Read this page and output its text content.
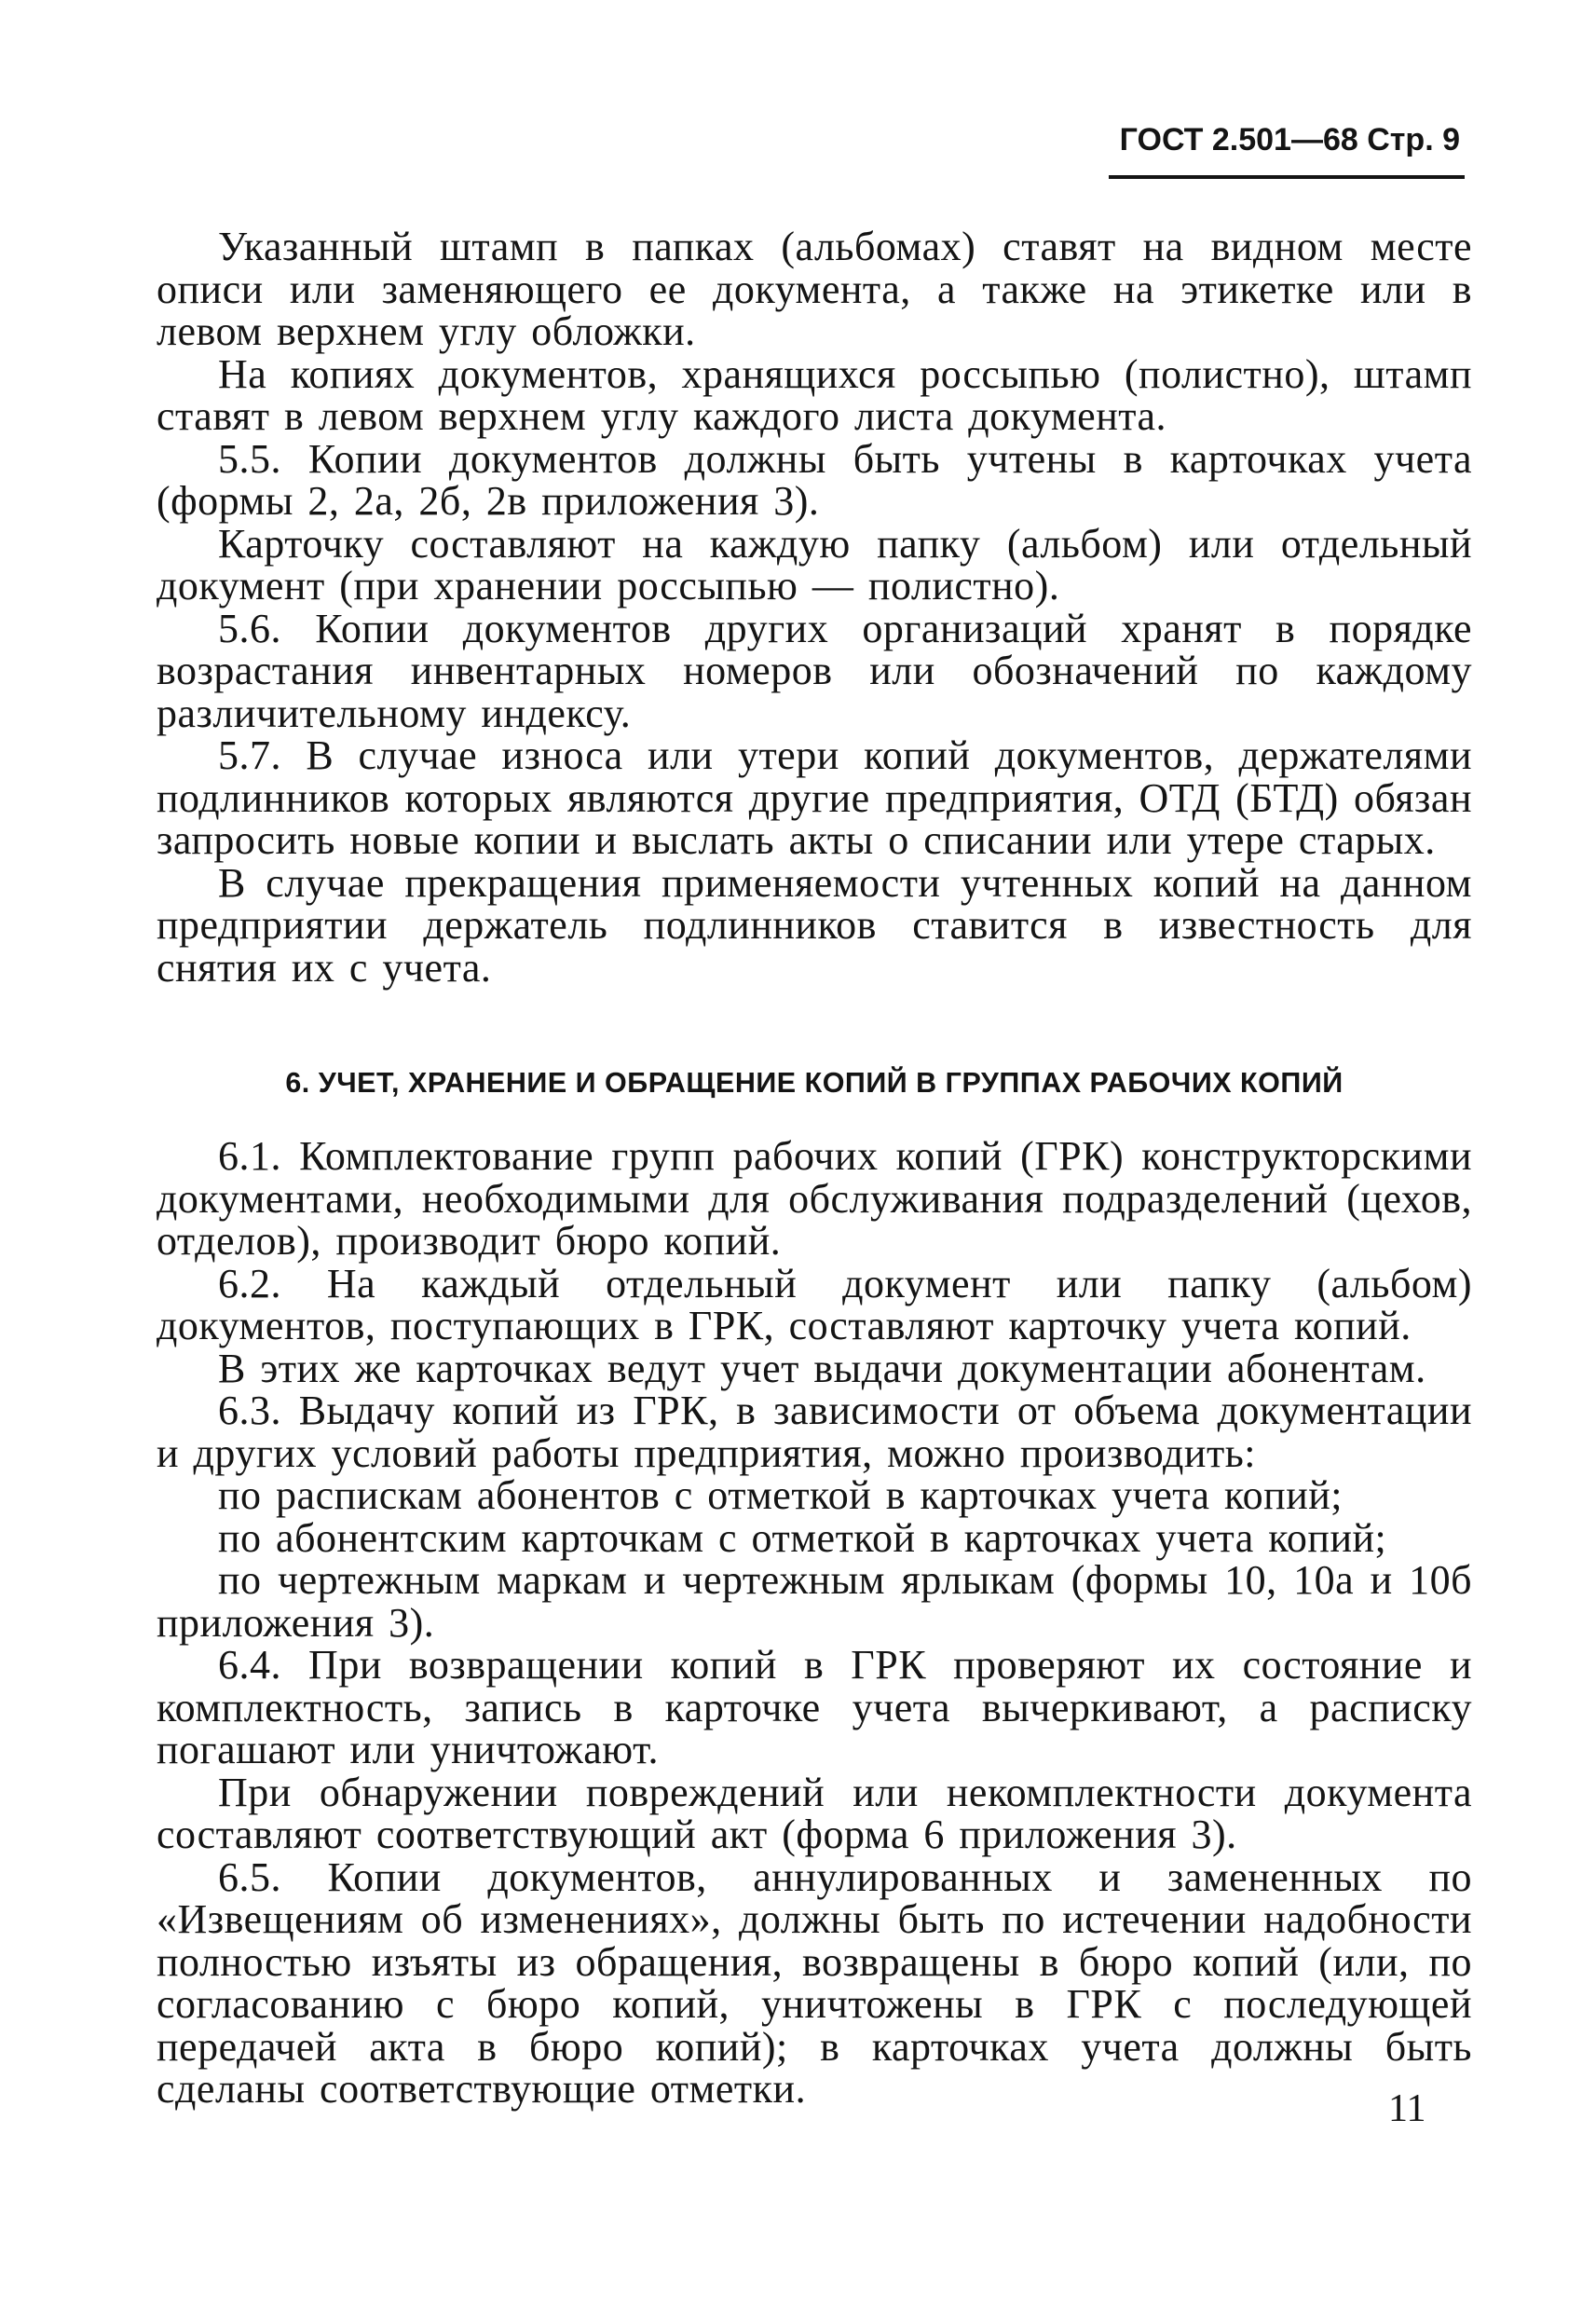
ГОСТ 2.501—68 Стр. 9

Указанный штамп в папках (альбомах) ставят на видном месте описи или заменяющего ее документа, а также на этикетке или в левом верхнем углу обложки.

На копиях документов, хранящихся россыпью (полистно), штамп ставят в левом верхнем углу каждого листа документа.

5.5. Копии документов должны быть учтены в карточках учета (формы 2, 2а, 2б, 2в приложения 3).

Карточку составляют на каждую папку (альбом) или отдельный документ (при хранении россыпью — полистно).

5.6. Копии документов других организаций хранят в порядке возрастания инвентарных номеров или обозначений по каждому различительному индексу.

5.7. В случае износа или утери копий документов, держателями подлинников которых являются другие предприятия, ОТД (БТД) обязан запросить новые копии и выслать акты о списании или утере старых.

В случае прекращения применяемости учтенных копий на данном предприятии держатель подлинников ставится в известность для снятия их с учета.

6. УЧЕТ, ХРАНЕНИЕ И ОБРАЩЕНИЕ КОПИЙ В ГРУППАХ РАБОЧИХ КОПИЙ

6.1. Комплектование групп рабочих копий (ГРК) конструкторскими документами, необходимыми для обслуживания подразделений (цехов, отделов), производит бюро копий.

6.2. На каждый отдельный документ или папку (альбом) документов, поступающих в ГРК, составляют карточку учета копий.

В этих же карточках ведут учет выдачи документации абонентам.

6.3. Выдачу копий из ГРК, в зависимости от объема документации и других условий работы предприятия, можно производить:

по распискам абонентов с отметкой в карточках учета копий;

по абонентским карточкам с отметкой в карточках учета копий;

по чертежным маркам и чертежным ярлыкам (формы 10, 10а и 10б приложения 3).

6.4. При возвращении копий в ГРК проверяют их состояние и комплектность, запись в карточке учета вычеркивают, а расписку погашают или уничтожают.

При обнаружении повреждений или некомплектности документа составляют соответствующий акт (форма 6 приложения 3).

6.5. Копии документов, аннулированных и замененных по «Извещениям об изменениях», должны быть по истечении надобности полностью изъяты из обращения, возвращены в бюро копий (или, по согласованию с бюро копий, уничтожены в ГРК с последующей передачей акта в бюро копий); в карточках учета должны быть сделаны соответствующие отметки.	11
